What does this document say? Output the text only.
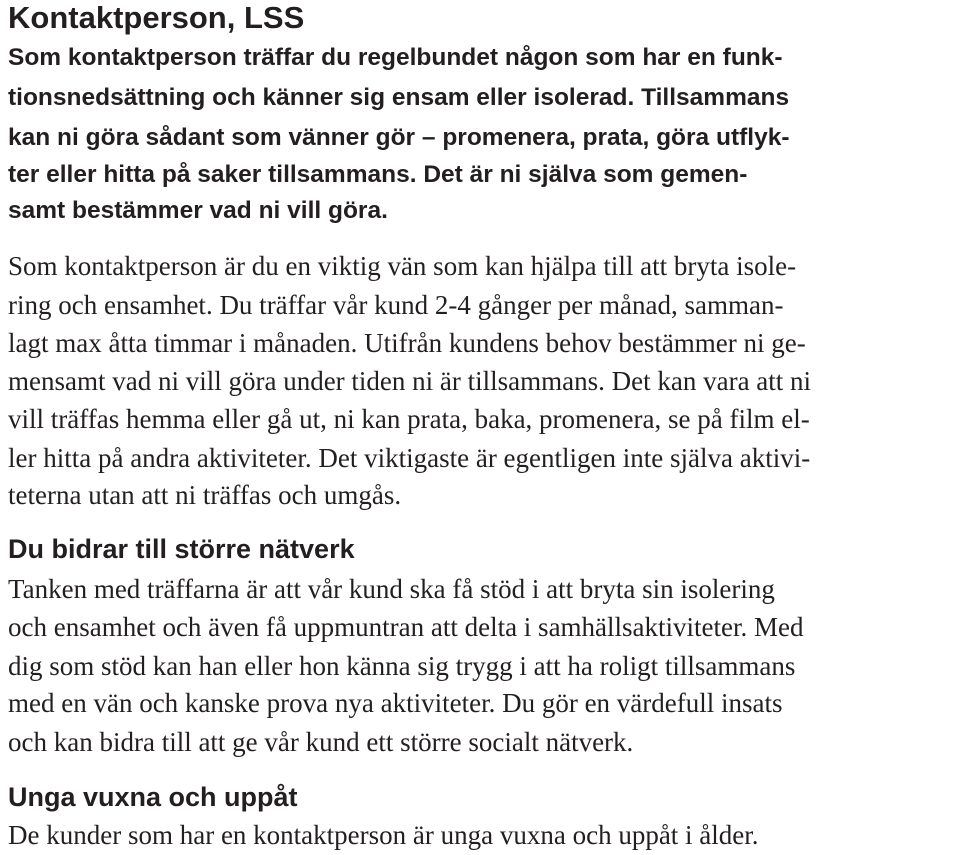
Kontaktperson, LSS

Som kontaktperson träffar du regelbundet någon som har en funk-

tionsnedsättning och känner sig ensam eller isolerad. Tillsammans

kan ni göra sådant som vänner gör – promenera, prata, göra utflyk-

ter eller hitta på saker tillsammans. Det är ni själva som gemen-

samt bestämmer vad ni vill göra.

Som kontaktperson är du en viktig vän som kan hjälpa till att bryta isole-

ring och ensamhet. Du träffar vår kund 2-4 gånger per månad, samman-

lagt max åtta timmar i månaden. Utifrån kundens behov bestämmer ni ge-

mensamt vad ni vill göra under tiden ni är tillsammans. Det kan vara att ni

vill träffas hemma eller gå ut, ni kan prata, baka, promenera, se på film el-

ler hitta på andra aktiviteter. Det viktigaste är egentligen inte själva aktivi-

teterna utan att ni träffas och umgås.

Du bidrar till större nätverk

Tanken med träffarna är att vår kund ska få stöd i att bryta sin isolering

och ensamhet och även få uppmuntran att delta i samhällsaktiviteter. Med

dig som stöd kan han eller hon känna sig trygg i att ha roligt tillsammans

med en vän och kanske prova nya aktiviteter. Du gör en värdefull insats

och kan bidra till att ge vår kund ett större socialt nätverk.

Unga vuxna och uppåt

De kunder som har en kontaktperson är unga vuxna och uppåt i ålder.
